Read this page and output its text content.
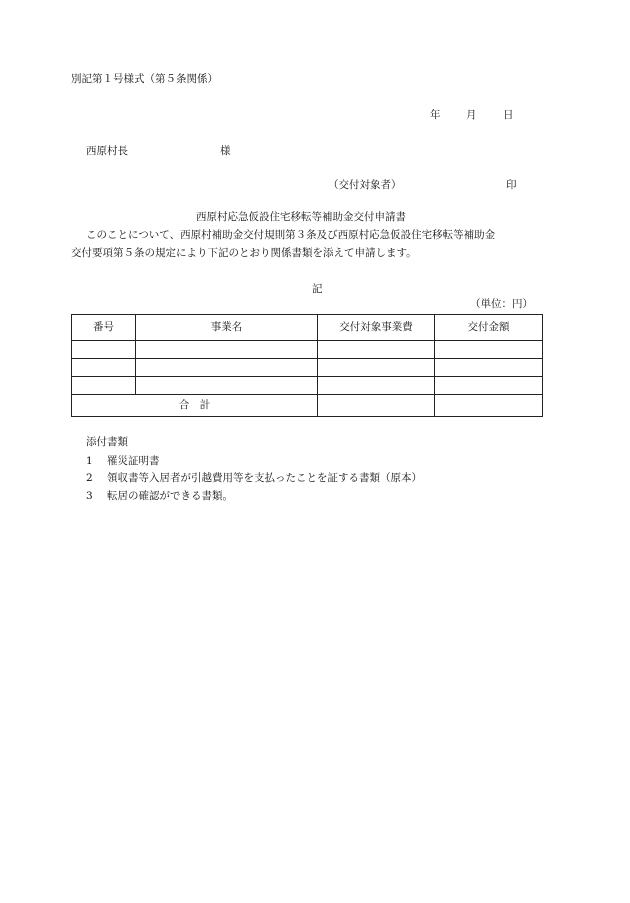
別記第１号様式（第５条関係）
年 月	日
西原村長	様
（交付対象者）	印
西原村応急仮設住宅移転等補助金交付申請書
このことについて、西原村補助金交付規則第３条及び西原村応急仮設住宅移転等補助金
交付要項第５条の規定により下記のとおり関係書類を添えて申請します。
記
（単位：円）
番号	事業名	交付対象事業費	交付金額

合　計			
添付書類
1 罹災証明書
2 領収書等入居者が引越費用等を支払ったことを証する書類（原本）
3 転居の確認ができる書類。
